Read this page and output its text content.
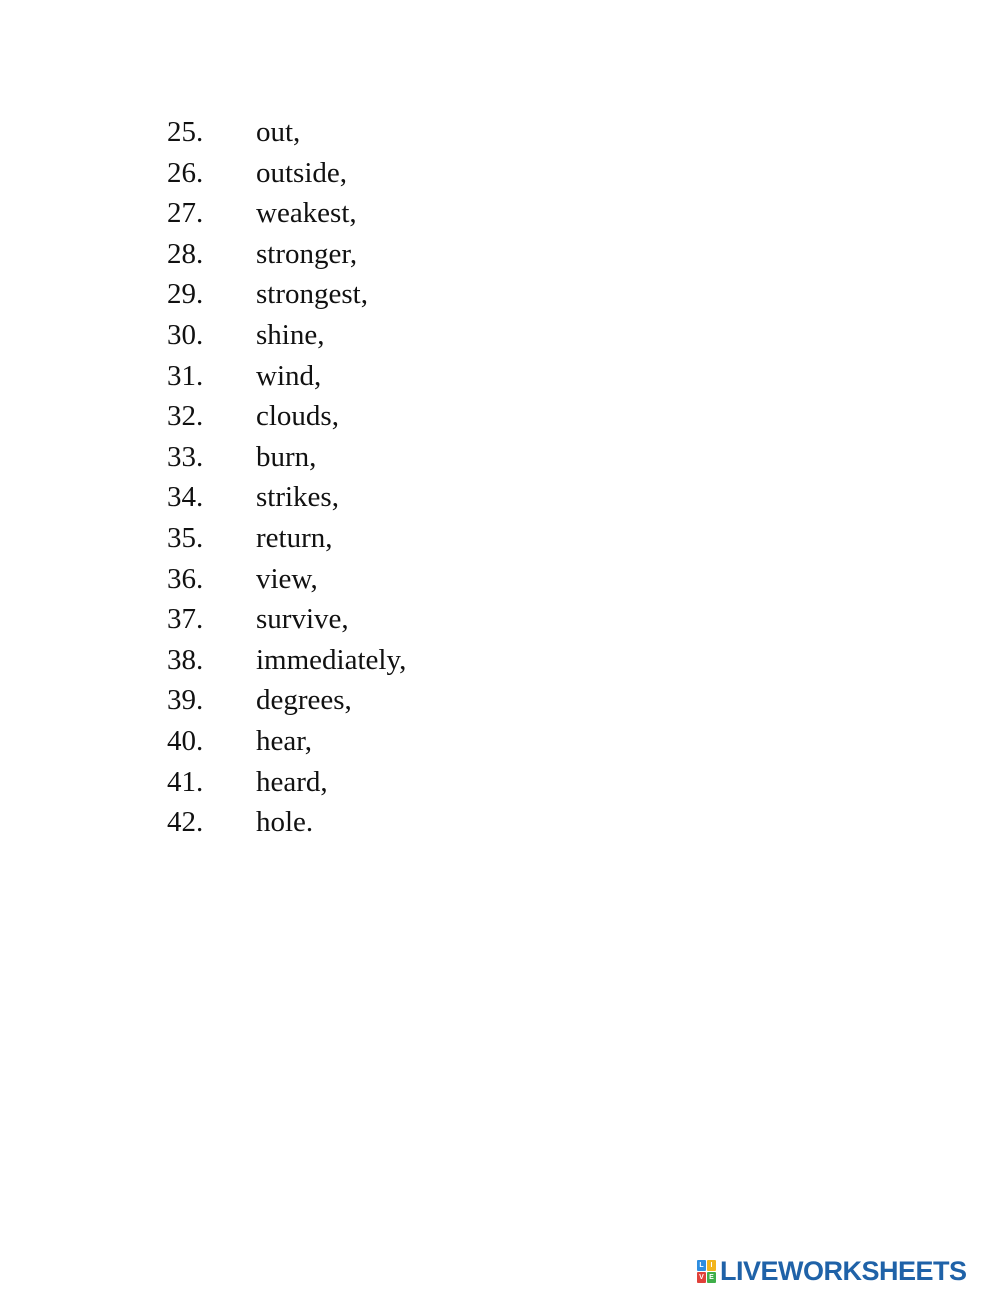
25. out,
26. outside,
27. weakest,
28. stronger,
29. strongest,
30. shine,
31. wind,
32. clouds,
33. burn,
34. strikes,
35. return,
36. view,
37. survive,
38. immediately,
39. degrees,
40. hear,
41. heard,
42. hole.
L I
V E LIVEWORKSHEETS
